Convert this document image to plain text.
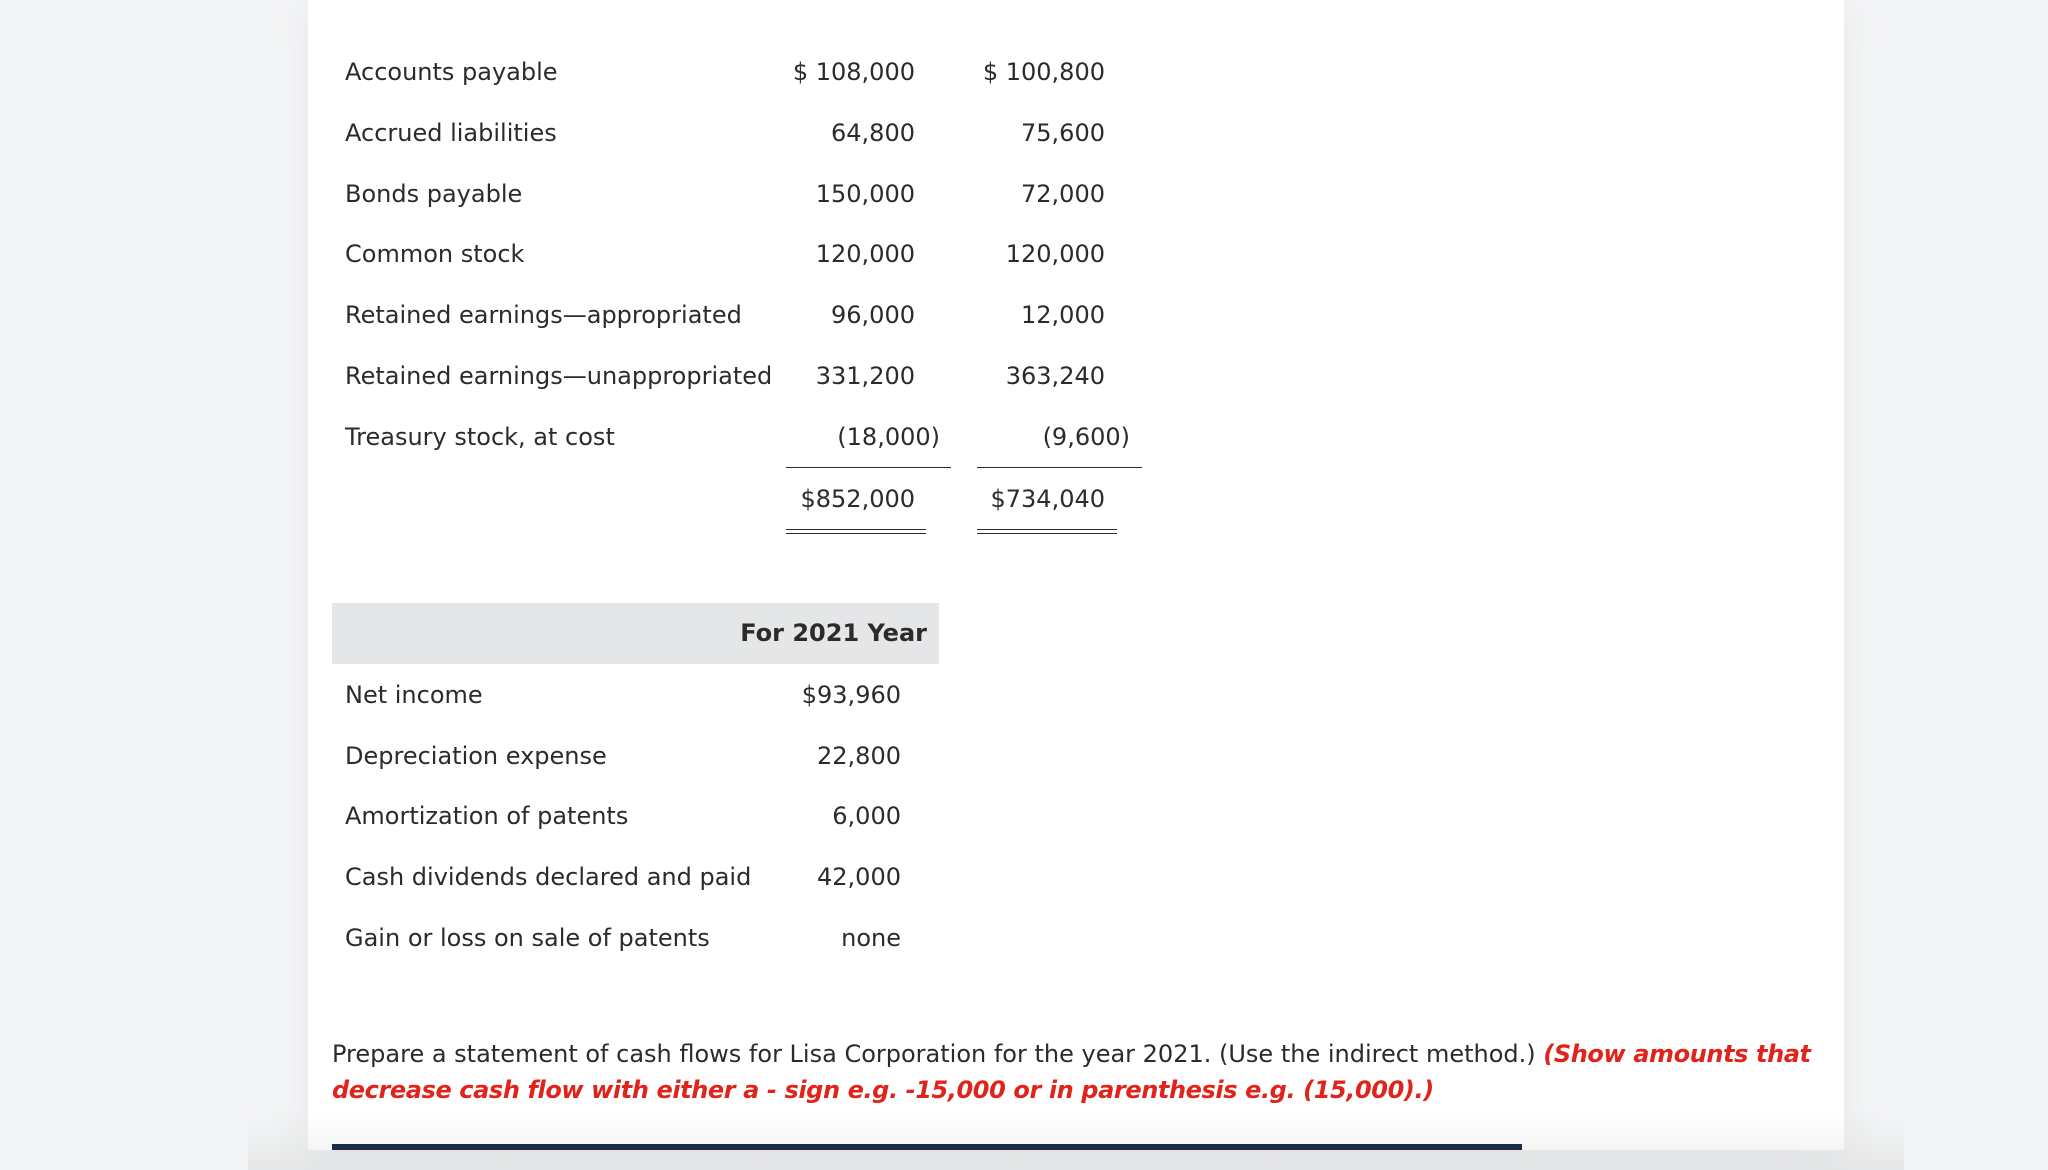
Accounts payable	$ 108,000	$ 100,800
Accrued liabilities	64,800	75,600
Bonds payable	150,000	72,000
Common stock	120,000	120,000
Retained earnings—appropriated	96,000	12,000
Retained earnings—unappropriated 331,200	363,240
Treasury stock, at cost	(18,000)	(9,600)
$852,000	$734,040
For 2021 Year
Net income	$93,960
Depreciation expense	22,800
Amortization of patents	6,000
Cash dividends declared and paid	42,000
Gain or loss on sale of patents	none
Prepare a statement of cash flows for Lisa Corporation for the year 2021. (Use the indirect method.) (Show amounts that decrease cash flow with either a - sign e.g. -15,000 or in parenthesis e.g. (15,000).)
